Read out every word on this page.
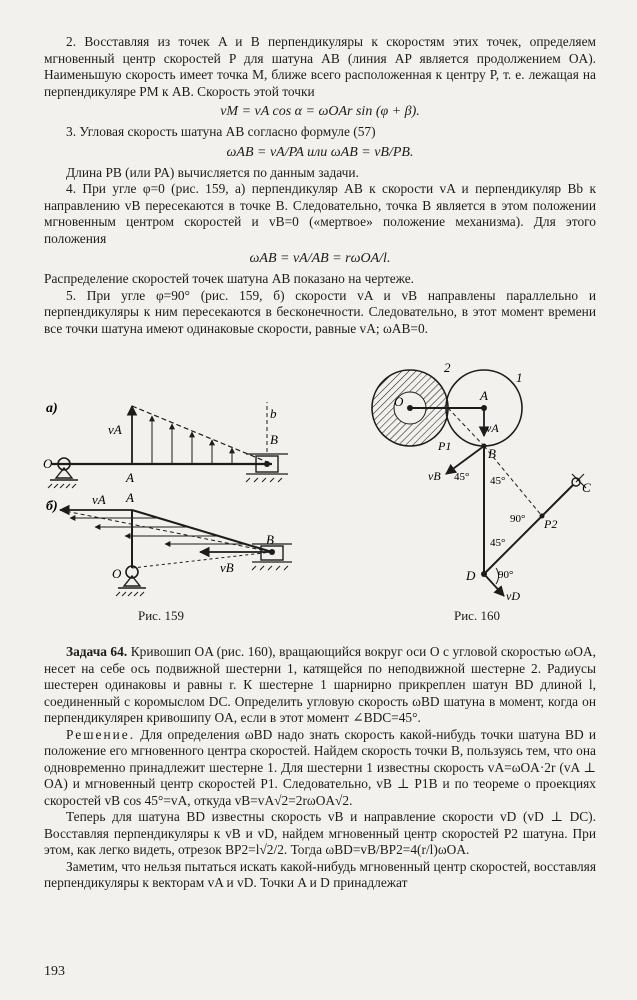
2. Восставляя из точек A и B перпендикуляры к скоростям этих точек, определяем мгновенный центр скоростей P для шатуна AB (линия AP является продолжением OA). Наименьшую скорость имеет точка M, ближе всего расположенная к центру P, т. е. лежащая на перпендикуляре PM к AB. Скорость этой точки

vM = vA cos α = ωOAr sin (φ + β).

3. Угловая скорость шатуна AB согласно формуле (57)

ωAB = vA/PA или ωAB = vB/PB.

Длина PB (или PA) вычисляется по данным задачи.

4. При угле φ=0 (рис. 159, а) перпендикуляр AB к скорости vA и перпендикуляр Bb к направлению vB пересекаются в точке B. Следовательно, точка B является в этом положении мгновенным центром скоростей и vB=0 («мертвое» положение механизма). Для этого положения

ωAB = vA/AB = rωOA/l.

Распределение скоростей точек шатуна AB показано на чертеже.

5. При угле φ=90° (рис. 159, б) скорости vA и vB направлены параллельно и перпендикуляры к ним пересекаются в бесконечности. Следовательно, в этот момент времени все точки шатуна имеют одинаковые скорости, равные vA; ωAB=0.

а)
O
vA
A
b
B
б)	vA A
vB
B
O
Рис. 159
O	A
2
1
vA
P1	B
vB 45° 45°	C
P2
90°
45°
D 90°
vD
Рис. 160

Задача 64. Кривошип OA (рис. 160), вращающийся вокруг оси O с угловой скоростью ωOA, несет на себе ось подвижной шестерни 1, катящейся по неподвижной шестерне 2. Радиусы шестерен одинаковы и равны r. К шестерне 1 шарнирно прикреплен шатун BD длиной l, соединенный с коромыслом DC. Определить угловую скорость ωBD шатуна в момент, когда он перпендикулярен кривошипу OA, если в этот момент ∠BDC=45°.

Решение. Для определения ωBD надо знать скорость какой-нибудь точки шатуна BD и положение его мгновенного центра скоростей. Найдем скорость точки B, пользуясь тем, что она одновременно принадлежит шестерне 1. Для шестерни 1 известны скорость vA=ωOA·2r (vA ⊥ OA) и мгновенный центр скоростей P1. Следовательно, vB ⊥ P1B и по теореме о проекциях скоростей vB cos 45°=vA, откуда vB=vA√2=2rωOA√2.

Теперь для шатуна BD известны скорость vB и направление скорости vD (vD ⊥ DC). Восставляя перпендикуляры к vB и vD, найдем мгновенный центр скоростей P2 шатуна. При этом, как легко видеть, отрезок BP2=l√2/2. Тогда ωBD=vB/BP2=4(r/l)ωOA.

Заметим, что нельзя пытаться искать какой-нибудь мгновенный центр скоростей, восставляя перпендикуляры к векторам vA и vD. Точки A и D принадлежат

193
